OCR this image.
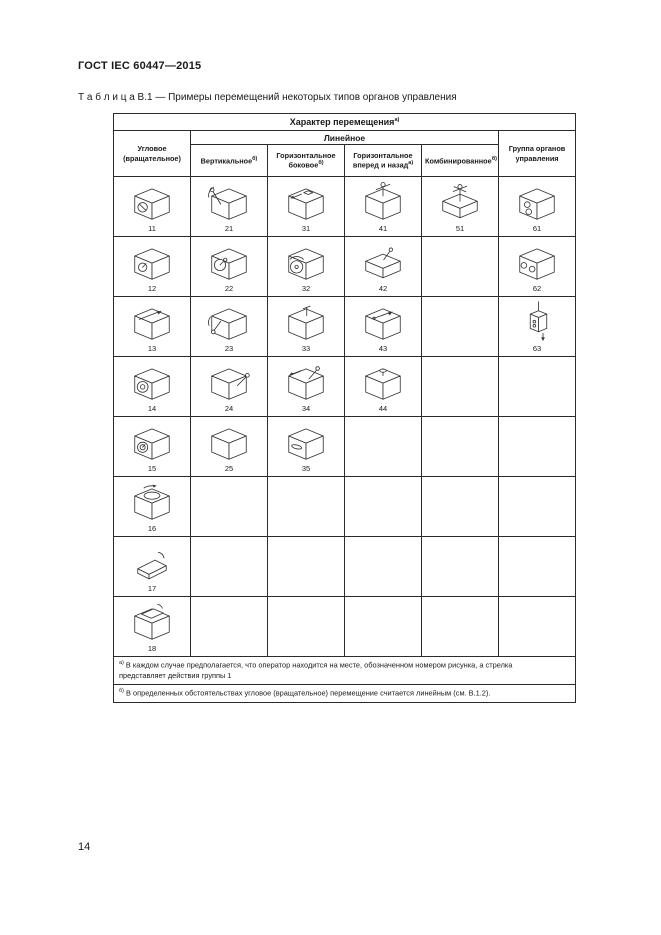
ГОСТ IEC 60447—2015
Т а б л и ц а В.1 — Примеры перемещений некоторых типов органов управления
Характер перемещения$^{а)}$
Угловое (вращательное)	Линейное				Группа органов управления
	Вертикальное$^{б)}$	Горизонтальное боковое$^{б)}$	Горизонтальное вперед и назад$^{а)}$	Комбинированное$^{б)}$

11	21	31	41	51	61

12	22	32	42		62

13	23	33	43		63

14	24	34	44		

15	25	35			

16					

17					

18					

$^{а)}$ В каждом случае предполагается, что оператор находится на месте, обозначенном номером рисунка, а стрелка представляет действия группы 1					
$^{б)}$ В определенных обстоятельствах угловое (вращательное) перемещение считается линейным (см. В.1.2).					
14
